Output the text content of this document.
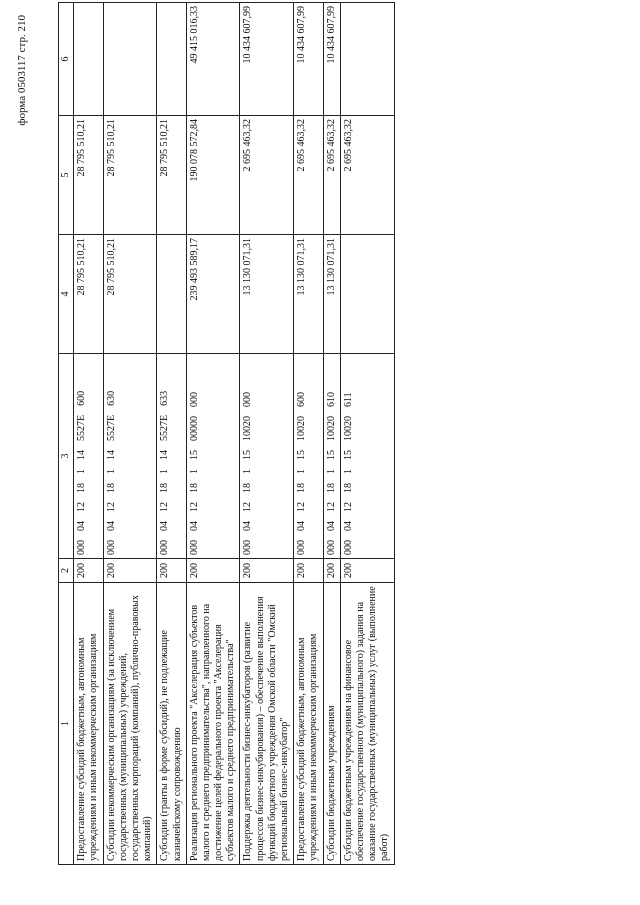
форма 0503117 стр. 210
1	2	3	4	5	6
Предоставление субсидий бюджетным, автономным учреждениям и иным некоммерческим организациям	200	0000412181145527Е600	28 795 510,21	28 795 510,21	
Субсидии некоммерческим организациям (за исключением государственных (муниципальных) учреждений, государственных корпораций (компаний), публично-правовых компаний)	200	0000412181145527Е630	28 795 510,21	28 795 510,21	
Субсидии (гранты в форме субсидий), не подлежащие казначейскому сопровождению	200	0000412181145527Е633		28 795 510,21	
Реализация регионального проекта "Акселерация субъектов малого и среднего предпринимательства", направленного на достижение целей федерального проекта "Акселерация субъектов малого и среднего предпринимательства"	200	00004121811500000000	239 493 589,17	190 078 572,84	49 415 016,33
Поддержка деятельности бизнес-инкубаторов (развитие процессов бизнес-инкубирования) – обеспечение выполнения функций бюджетного учреждения Омской области "Омский региональный бизнес-инкубатор"	200	00004121811510020000	13 130 071,31	2 695 463,32	10 434 607,99
Предоставление субсидий бюджетным, автономным учреждениям и иным некоммерческим организациям	200	00004121811510020600	13 130 071,31	2 695 463,32	10 434 607,99
Субсидии бюджетным учреждениям	200	00004121811510020610	13 130 071,31	2 695 463,32	10 434 607,99
Субсидии бюджетным учреждениям на финансовое обеспечение государственного (муниципального) задания на оказание государственных (муниципальных) услуг (выполнение работ)	200	00004121811510020611		2 695 463,32	
